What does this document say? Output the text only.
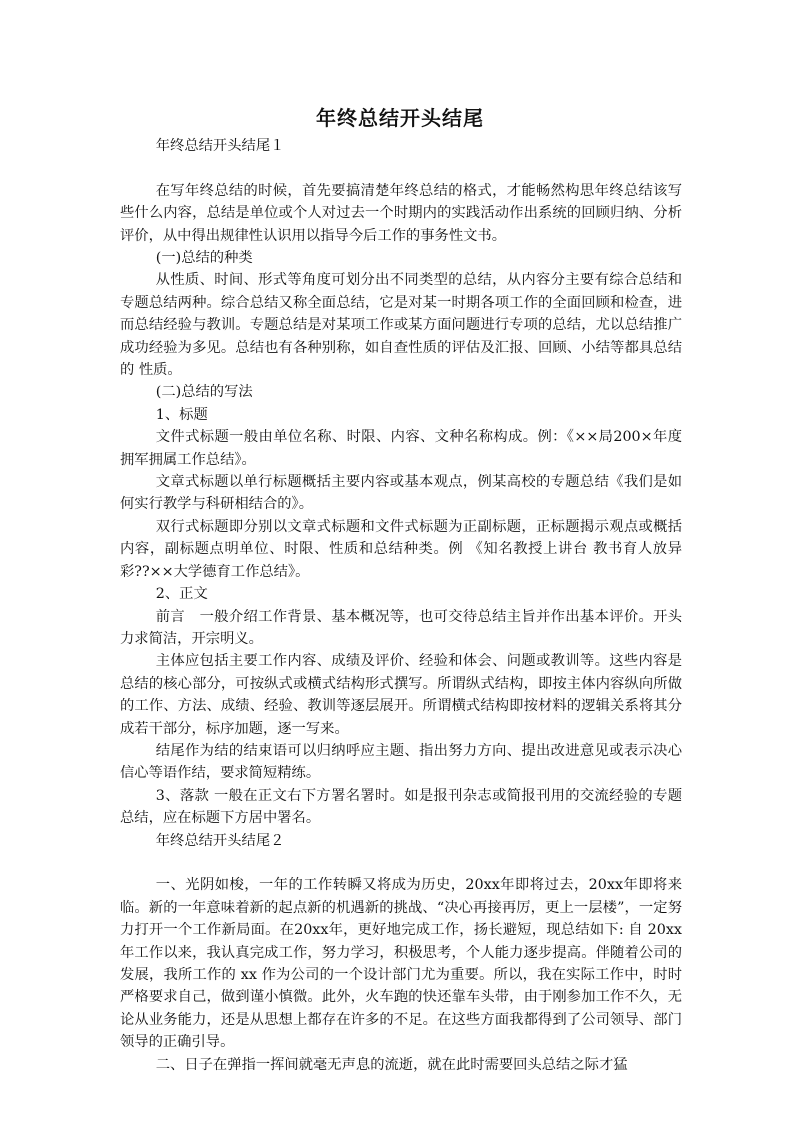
年终总结开头结尾

年终总结开头结尾１

在写年终总结的时候，首先要搞清楚年终总结的格式，才能畅然构思年终总结该写些什么内容，总结是单位或个人对过去一个时期内的实践活动作出系统的回顾归纳、分析评价，从中得出规律性认识用以指导今后工作的事务性文书。

(一)总结的种类

从性质、时间、形式等角度可划分出不同类型的总结，从内容分主要有综合总结和专题总结两种。综合总结又称全面总结，它是对某一时期各项工作的全面回顾和检查，进而总结经验与教训。专题总结是对某项工作或某方面问题进行专项的总结，尤以总结推广成功经验为多见。总结也有各种别称，如自查性质的评估及汇报、回顾、小结等都具总结的 性质。

(二)总结的写法

1、标题

文件式标题一般由单位名称、时限、内容、文种名称构成。例：《××局200×年度拥军拥属工作总结》。

文章式标题以单行标题概括主要内容或基本观点，例某高校的专题总结《我们是如何实行教学与科研相结合的》。

双行式标题即分别以文章式标题和文件式标题为正副标题，正标题揭示观点或概括内容，副标题点明单位、时限、性质和总结种类。例 《知名教授上讲台 教书育人放异彩??××大学德育工作总结》。

2、正文

前言　一般介绍工作背景、基本概况等，也可交待总结主旨并作出基本评价。开头力求简洁，开宗明义。

主体应包括主要工作内容、成绩及评价、经验和体会、问题或教训等。这些内容是总结的核心部分，可按纵式或横式结构形式撰写。所谓纵式结构，即按主体内容纵向所做的工作、方法、成绩、经验、教训等逐层展开。所谓横式结构即按材料的逻辑关系将其分成若干部分，标序加题，逐一写来。

结尾作为结的结束语可以归纳呼应主题、指出努力方向、提出改进意见或表示决心信心等语作结，要求简短精练。

3、落款 一般在正文右下方署名署时。如是报刊杂志或简报刊用的交流经验的专题总结，应在标题下方居中署名。

年终总结开头结尾２

一、光阴如梭，一年的工作转瞬又将成为历史，20xx年即将过去，20xx年即将来临。新的一年意味着新的起点新的机遇新的挑战、“决心再接再厉，更上一层楼”，一定努力打开一个工作新局面。在20xx年，更好地完成工作，扬长避短，现总结如下: 自 20xx年工作以来，我认真完成工作，努力学习，积极思考，个人能力逐步提高。伴随着公司的发展，我所工作的 xx 作为公司的一个设计部门尤为重要。所以，我在实际工作中，时时严格要求自己，做到谨小慎微。此外，火车跑的快还靠车头带，由于刚参加工作不久，无论从业务能力，还是从思想上都存在许多的不足。在这些方面我都得到了公司领导、部门领导的正确引导。

二、日子在弹指一挥间就毫无声息的流逝，就在此时需要回头总结之际才猛
